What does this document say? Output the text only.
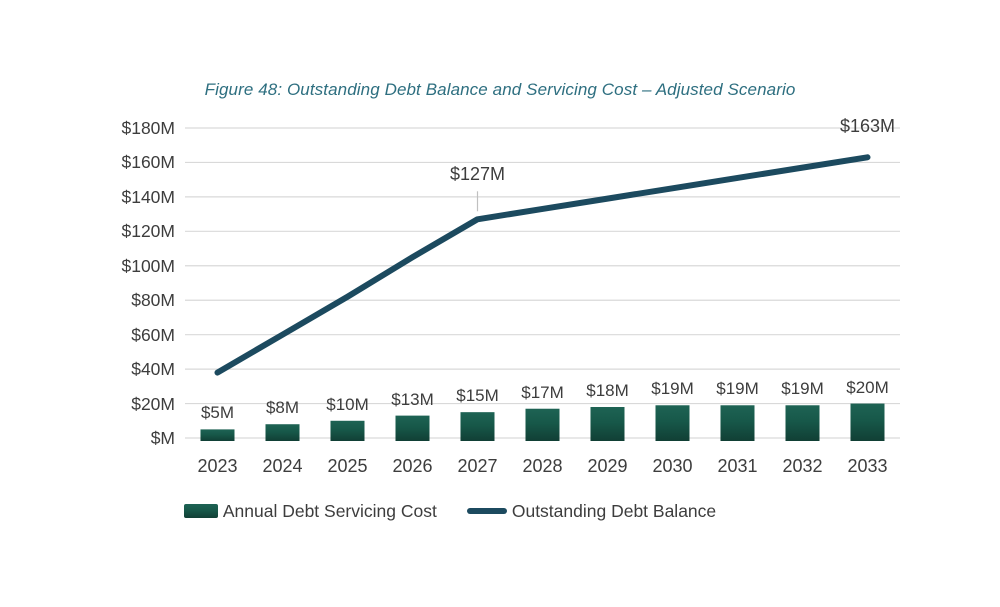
Figure 48: Outstanding Debt Balance and Servicing Cost – Adjusted Scenario
$180M
$160M
$140M
$120M
$100M
$80M
$60M
$40M
$20M
$M
2023	2024	2025	2026	2027	2028	2029	2030	2031	2032	2033
$5M	$8M	$10M	$13M	$15M	$17M	$18M	$19M	$19M	$19M	$20M
$127M
$163M
Annual Debt Servicing Cost	Outstanding Debt Balance
